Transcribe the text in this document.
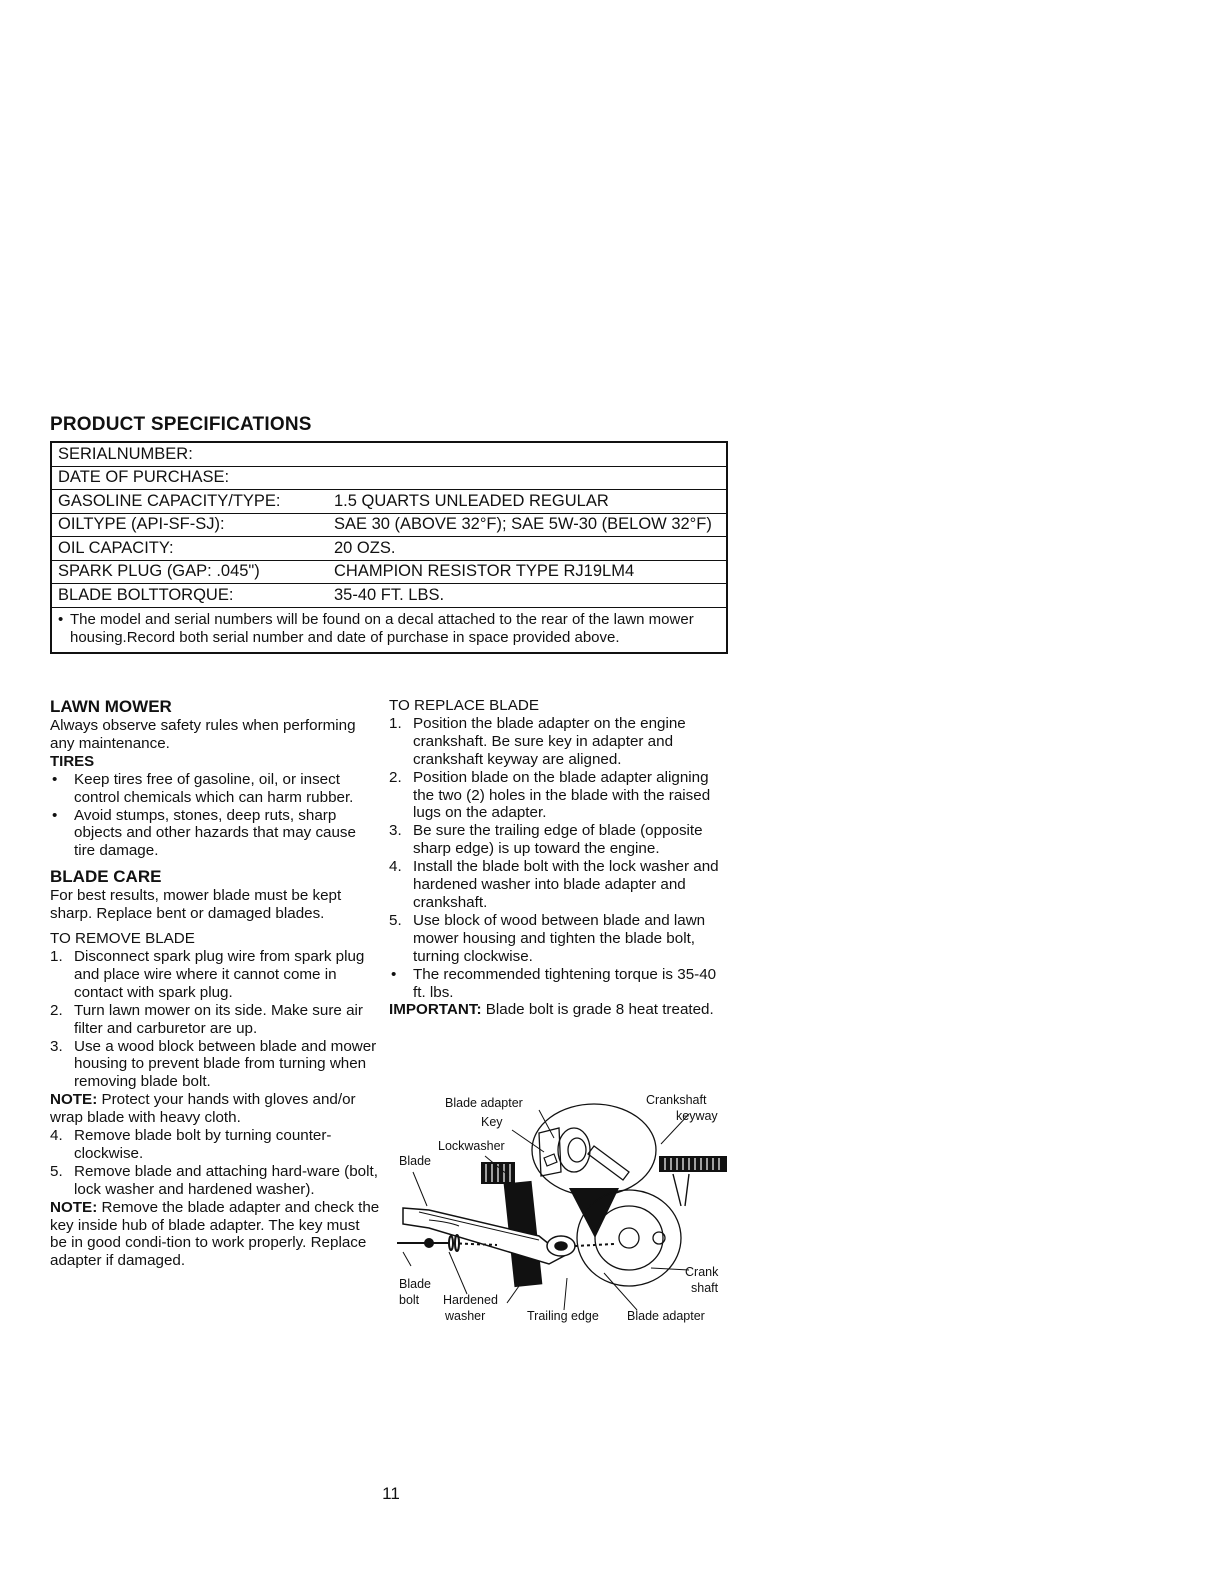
PRODUCT SPECIFICATIONS
SERIALNUMBER:
DATE OF PURCHASE:
GASOLINE CAPACITY/TYPE:	1.5 QUARTS UNLEADED REGULAR
OILTYPE (API-SF-SJ):	SAE 30 (ABOVE 32°F); SAE 5W-30 (BELOW 32°F)
OIL CAPACITY:	20 OZS.
SPARK PLUG (GAP: .045")	CHAMPION RESISTOR TYPE RJ19LM4
BLADE BOLTTORQUE:	35-40 FT. LBS.
• The model and serial numbers will be found on a decal attached to the rear of the lawn mower housing.Record both serial number and date of purchase in space provided above.

LAWN MOWER

Always observe safety rules when performing any maintenance.

TIRES

•	Keep tires free of gasoline, oil, or insect control chemicals which can harm rubber.
•	Avoid stumps, stones, deep ruts, sharp objects and other hazards that may cause tire damage.

BLADE CARE

For best results, mower blade must be kept sharp. Replace bent or damaged blades.

TO REMOVE BLADE

1. Disconnect spark plug wire from spark plug and place wire where it cannot come in contact with spark plug.
2. Turn lawn mower on its side. Make sure air filter and carburetor are up.
3. Use a wood block between blade and mower housing to prevent blade from turning when removing blade bolt.

NOTE: Protect your hands with gloves and/or wrap blade with heavy cloth.

4. Remove blade bolt by turning counter-clockwise.
5. Remove blade and attaching hard-ware (bolt, lock washer and hardened washer).

NOTE: Remove the blade adapter and check the key inside hub of blade adapter. The key must be in good condi-tion to work properly. Replace adapter if damaged.

TO REPLACE BLADE

1. Position the blade adapter on the engine crankshaft. Be sure key in adapter and crankshaft keyway are aligned.
2. Position blade on the blade adapter aligning the two (2) holes in the blade with the raised lugs on the adapter.
3. Be sure the trailing edge of blade (opposite sharp edge) is up toward the engine.
4. Install the blade bolt with the lock washer and hardened washer into blade adapter and crankshaft.
5. Use block of wood between blade and lawn mower housing and tighten the blade bolt, turning clockwise.
•	The recommended tightening torque is 35-40 ft. lbs.

IMPORTANT: Blade bolt is grade 8 heat treated.

Blade adapter
Key
Lockwasher
Blade
Crankshaft
keyway
Crank
shaft
Blade
bolt Hardened
washer	Trailing edge Blade adapter
11
